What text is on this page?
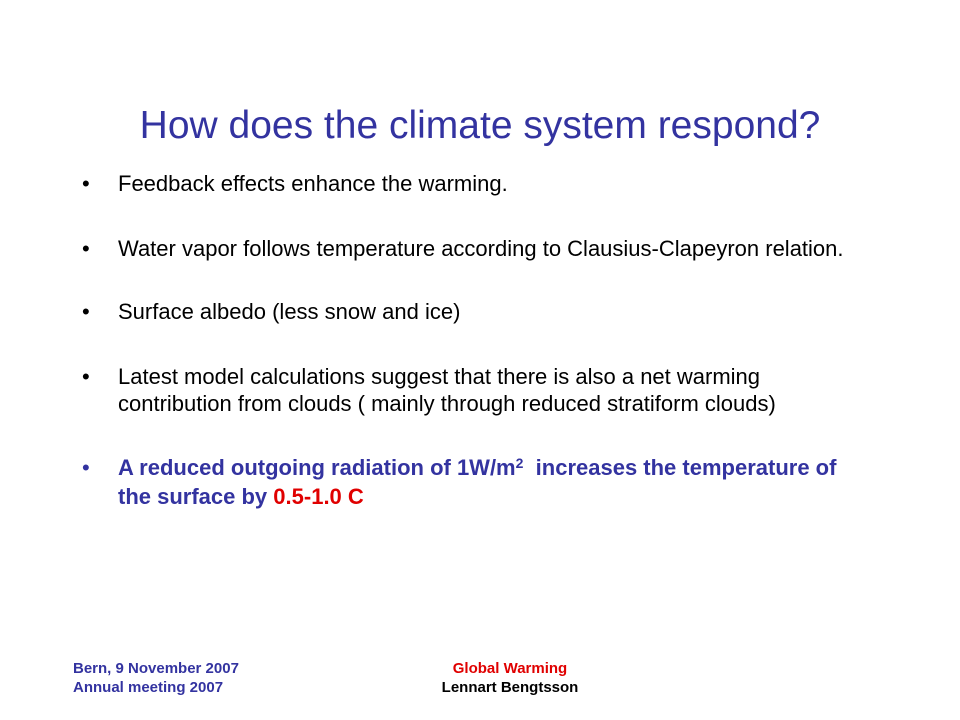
How does the climate system respond?
• Feedback effects enhance the warming.
• Water vapor follows temperature according to Clausius-Clapeyron relation.
• Surface albedo (less snow and ice)
• Latest model calculations suggest that there is also a net warming contribution from clouds ( mainly through reduced stratiform clouds)
• A reduced outgoing radiation of $1W/m^2$ increases the temperature of the surface by 0.5-1.0 C
Bern, 9 November 2007
Annual meeting 2007
Global Warming
Lennart Bengtsson
